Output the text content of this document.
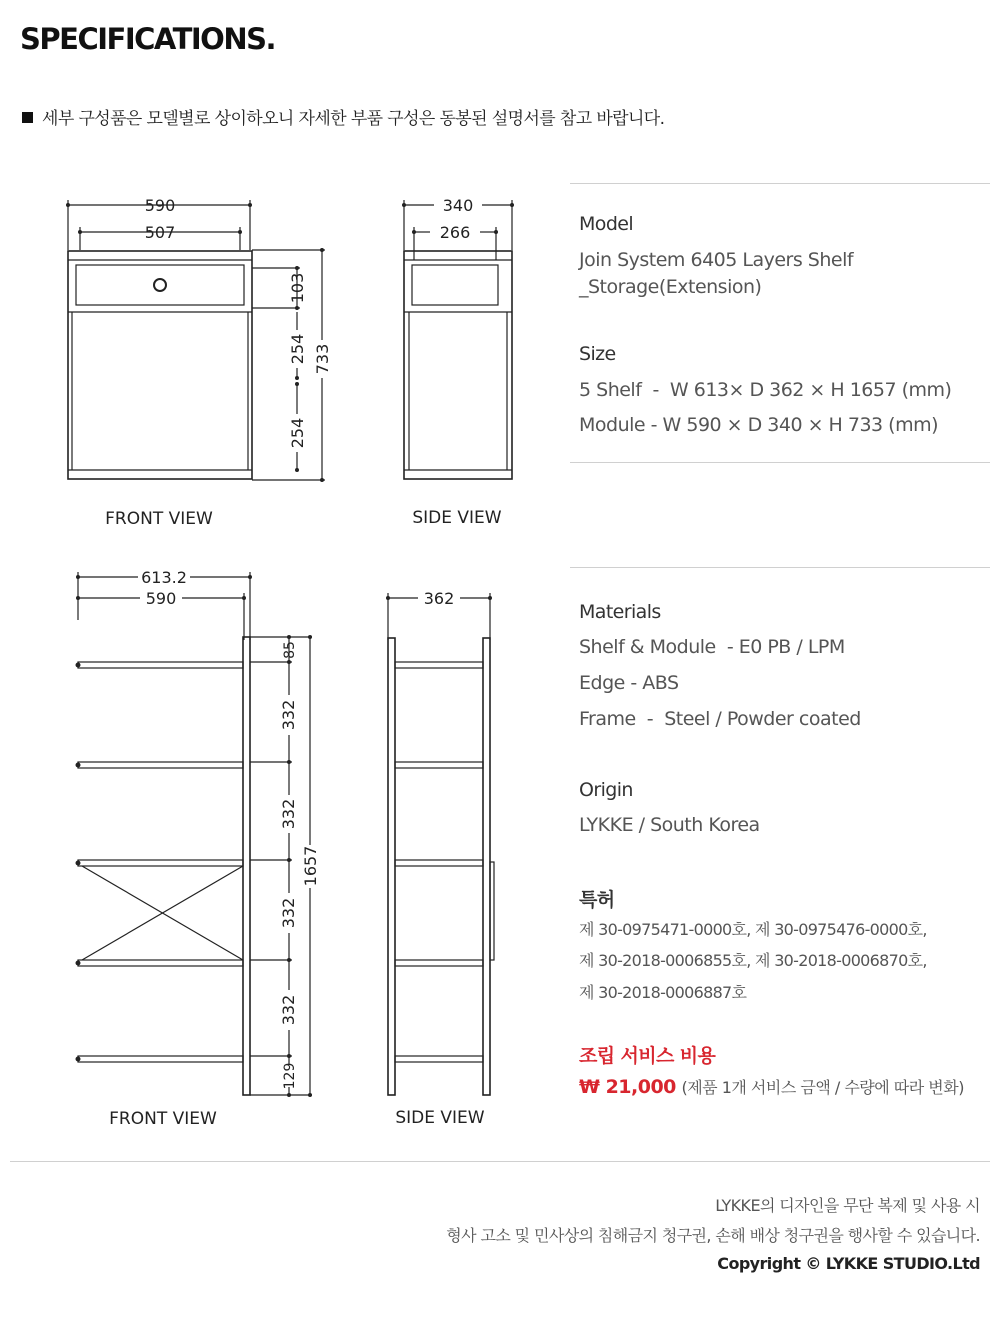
SPECIFICATIONS.
세부 구성품은 모델별로 상이하오니 자세한 부품 구성은 동봉된 설명서를 참고 바랍니다.
590
507
103
254
254
733
340
266
613.2
590	362
85
332
332
332
332
129
1657
FRONT VIEW	SIDE VIEW
FRONT VIEW	SIDE VIEW
Model
Join System 6405 Layers Shelf
_Storage(Extension)
Size
5 Shelf  -  W 613× D 362 × H 1657 (mm)
Module - W 590 × D 340 × H 733 (mm)
Materials
Shelf & Module  - E0 PB / LPM
Edge - ABS
Frame  -  Steel / Powder coated
Origin
LYKKE / South Korea
특허
제 30-0975471-0000호, 제 30-0975476-0000호,
제 30-2018-0006855호, 제 30-2018-0006870호,
제 30-2018-0006887호
조립 서비스 비용
₩ 21,000 (제품 1개 서비스 금액 / 수량에 따라 변화)
LYKKE의 디자인을 무단 복제 및 사용 시
형사 고소 및 민사상의 침해금지 청구권, 손해 배상 청구권을 행사할 수 있습니다.
Copyright © LYKKE STUDIO.Ltd
